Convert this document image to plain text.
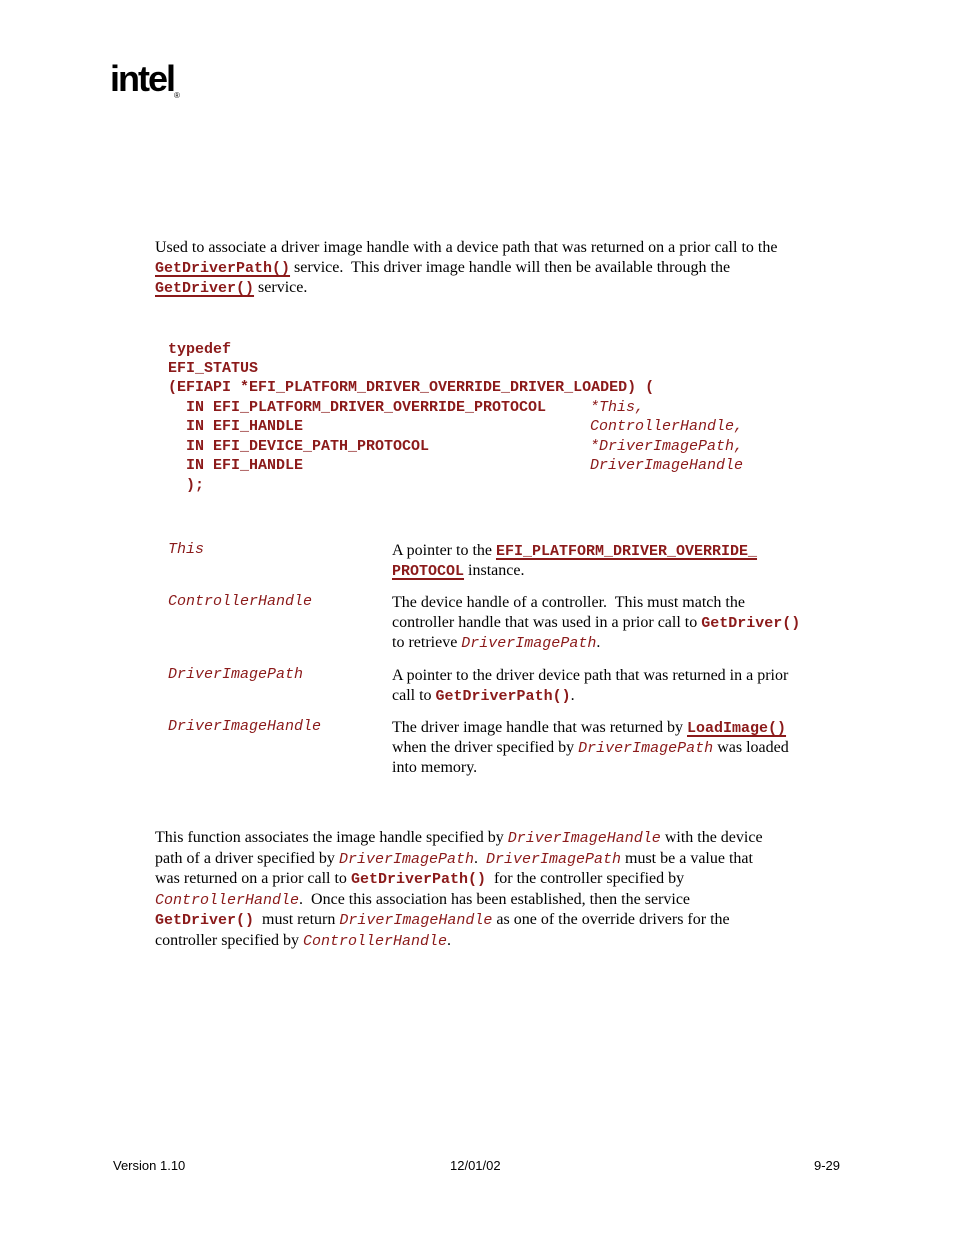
intel®
Used to associate a driver image handle with a device path that was returned on a prior call to the
GetDriverPath() service.  This driver image handle will then be available through the
GetDriver() service.
typedef
EFI_STATUS
(EFIAPI *EFI_PLATFORM_DRIVER_OVERRIDE_DRIVER_LOADED) (
IN EFI_PLATFORM_DRIVER_OVERRIDE_PROTOCOL *This,
IN EFI_HANDLE	ControllerHandle,
IN EFI_DEVICE_PATH_PROTOCOL	*DriverImagePath,
IN EFI_HANDLE	DriverImageHandle
);
This	A pointer to the EFI_PLATFORM_DRIVER_OVERRIDE_
PROTOCOL instance.
ControllerHandle	The device handle of a controller.  This must match the
controller handle that was used in a prior call to GetDriver()
to retrieve DriverImagePath.
DriverImagePath	A pointer to the driver device path that was returned in a prior
call to GetDriverPath().
DriverImageHandle	The driver image handle that was returned by LoadImage()
when the driver specified by DriverImagePath was loaded
into memory.
This function associates the image handle specified by DriverImageHandle with the device
path of a driver specified by DriverImagePath.  DriverImagePath must be a value that
was returned on a prior call to GetDriverPath()  for the controller specified by
ControllerHandle.  Once this association has been established, then the service
GetDriver()  must return DriverImageHandle as one of the override drivers for the
controller specified by ControllerHandle.
Version 1.10	12/01/02	9-29
